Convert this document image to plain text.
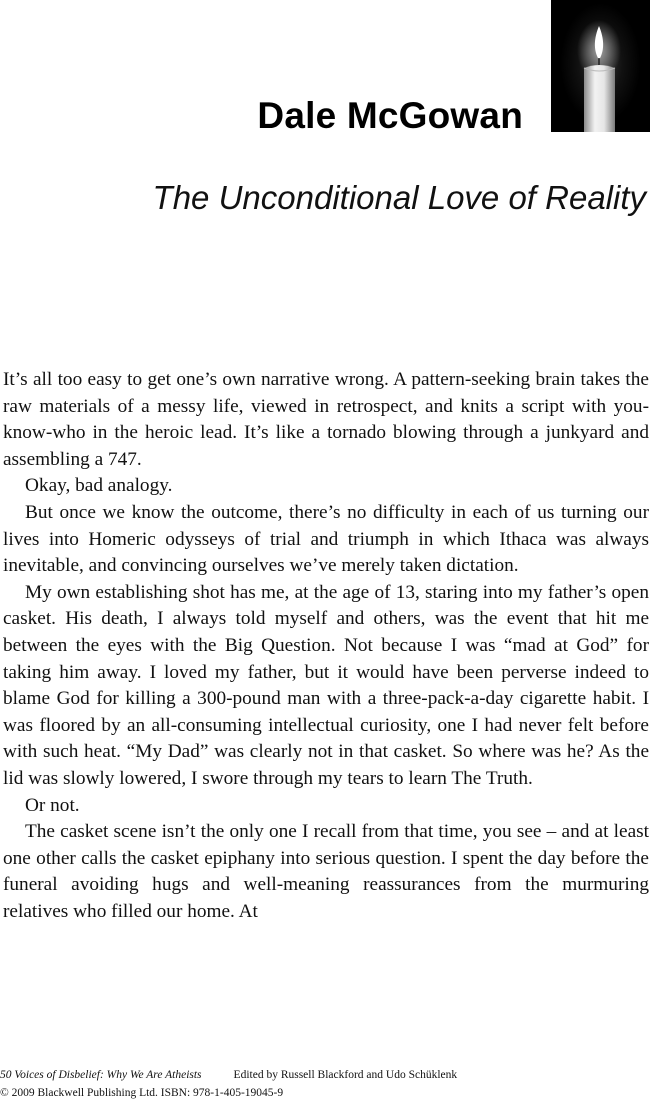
Dale McGowan
The Unconditional Love of Reality

It’s all too easy to get one’s own narrative wrong. A pattern-seeking brain takes the raw materials of a messy life, viewed in retrospect, and knits a script with you-know-who in the heroic lead. It’s like a tornado blowing through a junkyard and assembling a 747.

Okay, bad analogy.

But once we know the outcome, there’s no difficulty in each of us turning our lives into Homeric odysseys of trial and triumph in which Ithaca was always inevitable, and convincing ourselves we’ve merely taken dictation.

My own establishing shot has me, at the age of 13, staring into my father’s open casket. His death, I always told myself and others, was the event that hit me between the eyes with the Big Question. Not because I was “mad at God” for taking him away. I loved my father, but it would have been perverse indeed to blame God for killing a 300-pound man with a three-pack-a-day cigarette habit. I was floored by an all-consuming intellectual curiosity, one I had never felt before with such heat. “My Dad” was clearly not in that casket. So where was he? As the lid was slowly lowered, I swore through my tears to learn The Truth.

Or not.

The casket scene isn’t the only one I recall from that time, you see – and at least one other calls the casket epiphany into serious question. I spent the day before the funeral avoiding hugs and well-meaning reassurances from the murmuring relatives who filled our home. At

50 Voices of Disbelief: Why We Are Atheists	Edited by Russell Blackford and Udo Schüklenk
© 2009 Blackwell Publishing Ltd. ISBN: 978-1-405-19045-9
